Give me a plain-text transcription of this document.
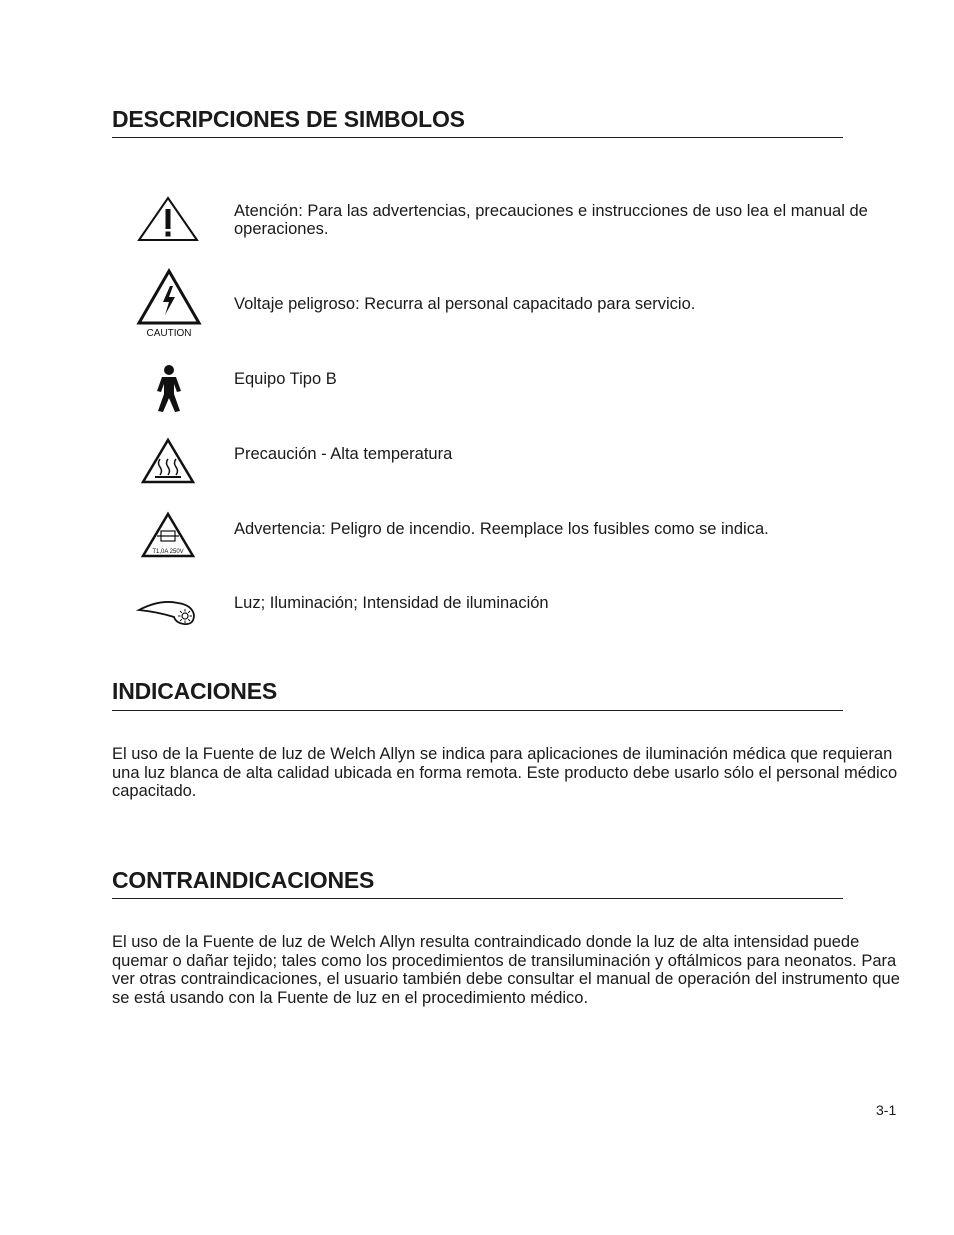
DESCRIPCIONES DE SIMBOLOS
Atención: Para las advertencias, precauciones e instrucciones de uso lea el manual de operaciones.
CAUTION
Voltaje peligroso: Recurra al personal capacitado para servicio.
Equipo Tipo B
Precaución - Alta temperatura
T1,0A 250V
Advertencia: Peligro de incendio. Reemplace los fusibles como se indica.
Luz; Iluminación; Intensidad de iluminación
INDICACIONES

El uso de la Fuente de luz de Welch Allyn se indica para aplicaciones de iluminación médica que requieran una luz blanca de alta calidad ubicada en forma remota. Este producto debe usarlo sólo el personal médico capacitado.

CONTRAINDICACIONES

El uso de la Fuente de luz de Welch Allyn resulta contraindicado donde la luz de alta intensidad puede quemar o dañar tejido; tales como los procedimientos de transiluminación y oftálmicos para neonatos. Para ver otras contraindicaciones, el usuario también debe consultar el manual de operación del instrumento que se está usando con la Fuente de luz en el procedimiento médico.

3-1
